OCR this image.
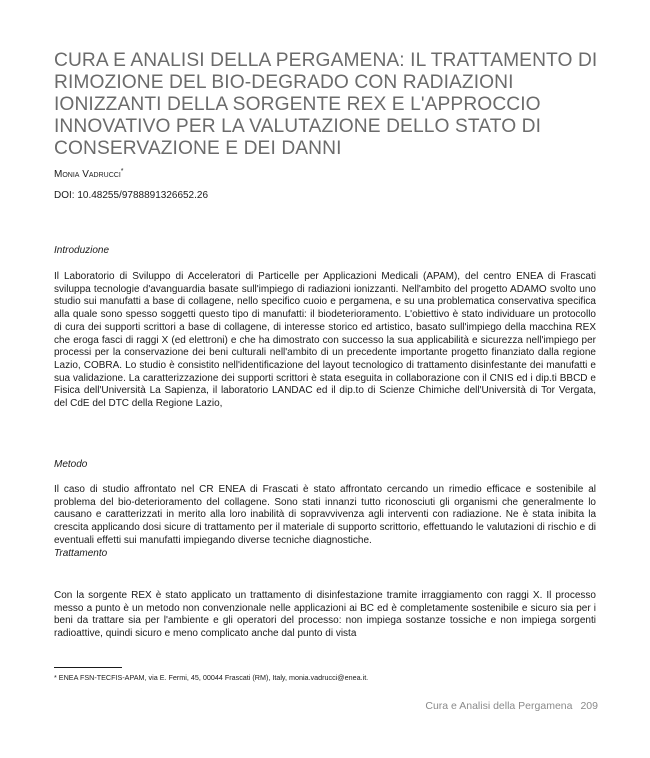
CURA E ANALISI DELLA PERGAMENA: IL TRATTAMENTO DI RIMOZIONE DEL BIO-DEGRADO CON RADIAZIONI IONIZZANTI DELLA SORGENTE REX E L'APPROCCIO INNOVATIVO PER LA VALUTAZIONE DELLO STATO DI CONSERVAZIONE E DEI DANNI
Monia Vadrucci*
DOI: 10.48255/9788891326652.26
Introduzione

Il Laboratorio di Sviluppo di Acceleratori di Particelle per Applicazioni Medicali (APAM), del centro ENEA di Frascati sviluppa tecnologie d'avanguardia basate sull'impiego di radiazioni ionizzanti. Nell'ambito del progetto ADAMO svolto uno studio sui manufatti a base di collagene, nello specifico cuoio e pergamena, e su una problematica conservativa specifica alla quale sono spesso soggetti questo tipo di manufatti: il biodeterioramento. L'obiettivo è stato individuare un protocollo di cura dei supporti scrittori a base di collagene, di interesse storico ed artistico, basato sull'impiego della macchina REX che eroga fasci di raggi X (ed elettroni) e che ha dimostrato con successo la sua applicabilità e sicurezza nell'impiego per processi per la conservazione dei beni culturali nell'ambito di un precedente importante progetto finanziato dalla regione Lazio, COBRA. Lo studio è consistito nell'identificazione del layout tecnologico di trattamento disinfestante dei manufatti e sua validazione. La caratterizzazione dei supporti scrittori è stata eseguita in collaborazione con il CNIS ed i dip.ti BBCD e Fisica dell'Università La Sapienza, il laboratorio LANDAC ed il dip.to di Scienze Chimiche dell'Università di Tor Vergata, del CdE del DTC della Regione Lazio,

Metodo
Il caso di studio affrontato nel CR ENEA di Frascati è stato affrontato cercando un rimedio efficace e sostenibile al problema del bio-deterioramento del collagene. Sono stati innanzi tutto riconosciuti gli organismi che generalmente lo causano e caratterizzati in merito alla loro inabilità di sopravvivenza agli interventi con radiazione. Ne è stata inibita la crescita applicando dosi sicure di trattamento per il materiale di supporto scrittorio, effettuando le valutazioni di rischio e di eventuali effetti sui manufatti impiegando diverse tecniche diagnostiche.
Trattamento

Con la sorgente REX è stato applicato un trattamento di disinfestazione tramite irraggiamento con raggi X. Il processo messo a punto è un metodo non convenzionale nelle applicazioni ai BC ed è completamente sostenibile e sicuro sia per i beni da trattare sia per l'ambiente e gli operatori del processo: non impiega sostanze tossiche e non impiega sorgenti radioattive, quindi sicuro e meno complicato anche dal punto di vista

* ENEA FSN-TECFIS-APAM, via E. Fermi, 45, 00044 Frascati (RM), Italy, monia.vadrucci@enea.it.
Cura e Analisi della Pergamena 209
